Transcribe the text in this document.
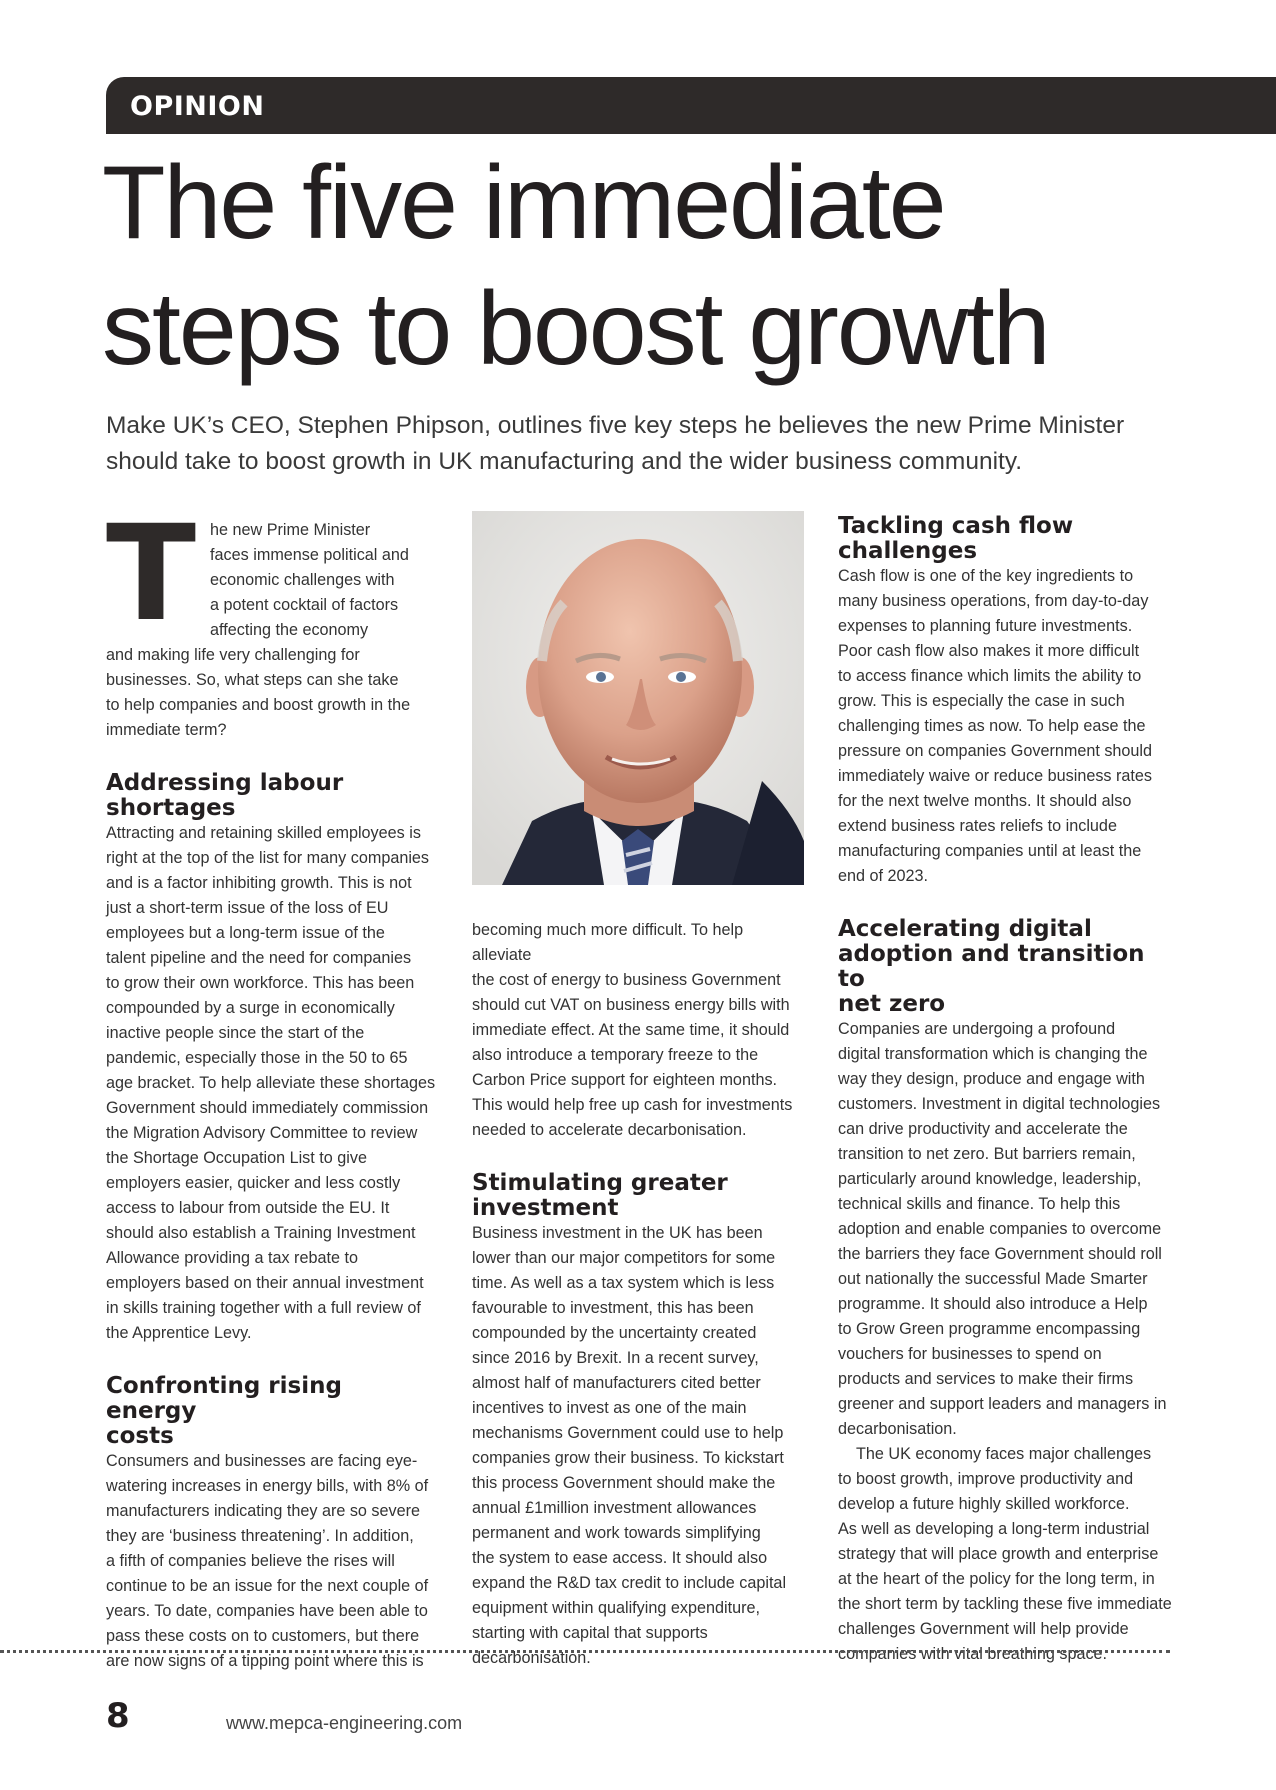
OPINION
The five immediate
steps to boost growth

Make UK’s CEO, Stephen Phipson, outlines five key steps he believes the new Prime Minister
should take to boost growth in UK manufacturing and the wider business community.

T he new Prime Minister
faces immense political and
economic challenges with
a potent cocktail of factors
affecting the economy
and making life very challenging for
businesses. So, what steps can she take
to help companies and boost growth in the
immediate term?

Addressing labour
shortages

Attracting and retaining skilled employees is
right at the top of the list for many companies
and is a factor inhibiting growth. This is not
just a short-term issue of the loss of EU
employees but a long-term issue of the
talent pipeline and the need for companies
to grow their own workforce. This has been
compounded by a surge in economically
inactive people since the start of the
pandemic, especially those in the 50 to 65
age bracket. To help alleviate these shortages
Government should immediately commission
the Migration Advisory Committee to review
the Shortage Occupation List to give
employers easier, quicker and less costly
access to labour from outside the EU. It
should also establish a Training Investment
Allowance providing a tax rebate to
employers based on their annual investment
in skills training together with a full review of
the Apprentice Levy.

Confronting rising energy
costs

Consumers and businesses are facing eye-
watering increases in energy bills, with 8% of
manufacturers indicating they are so severe
they are ‘business threatening’. In addition,
a fifth of companies believe the rises will
continue to be an issue for the next couple of
years. To date, companies have been able to
pass these costs on to customers, but there
are now signs of a tipping point where this is

becoming much more difficult. To help alleviate
the cost of energy to business Government
should cut VAT on business energy bills with
immediate effect. At the same time, it should
also introduce a temporary freeze to the
Carbon Price support for eighteen months.
This would help free up cash for investments
needed to accelerate decarbonisation.

Stimulating greater
investment

Business investment in the UK has been
lower than our major competitors for some
time. As well as a tax system which is less
favourable to investment, this has been
compounded by the uncertainty created
since 2016 by Brexit. In a recent survey,
almost half of manufacturers cited better
incentives to invest as one of the main
mechanisms Government could use to help
companies grow their business. To kickstart
this process Government should make the
annual £1million investment allowances
permanent and work towards simplifying
the system to ease access. It should also
expand the R&D tax credit to include capital
equipment within qualifying expenditure,
starting with capital that supports
decarbonisation.

Tackling cash flow
challenges

Cash flow is one of the key ingredients to
many business operations, from day-to-day
expenses to planning future investments.
Poor cash flow also makes it more difficult
to access finance which limits the ability to
grow. This is especially the case in such
challenging times as now. To help ease the
pressure on companies Government should
immediately waive or reduce business rates
for the next twelve months. It should also
extend business rates reliefs to include
manufacturing companies until at least the
end of 2023.

Accelerating digital
adoption and transition to
net zero

Companies are undergoing a profound
digital transformation which is changing the
way they design, produce and engage with
customers. Investment in digital technologies
can drive productivity and accelerate the
transition to net zero. But barriers remain,
particularly around knowledge, leadership,
technical skills and finance. To help this
adoption and enable companies to overcome
the barriers they face Government should roll
out nationally the successful Made Smarter
programme. It should also introduce a Help
to Grow Green programme encompassing
vouchers for businesses to spend on
products and services to make their firms
greener and support leaders and managers in
decarbonisation.

The UK economy faces major challenges
to boost growth, improve productivity and
develop a future highly skilled workforce.
As well as developing a long-term industrial
strategy that will place growth and enterprise
at the heart of the policy for the long term, in
the short term by tackling these five immediate
challenges Government will help provide
companies with vital breathing space.

8	www.mepca-engineering.com
